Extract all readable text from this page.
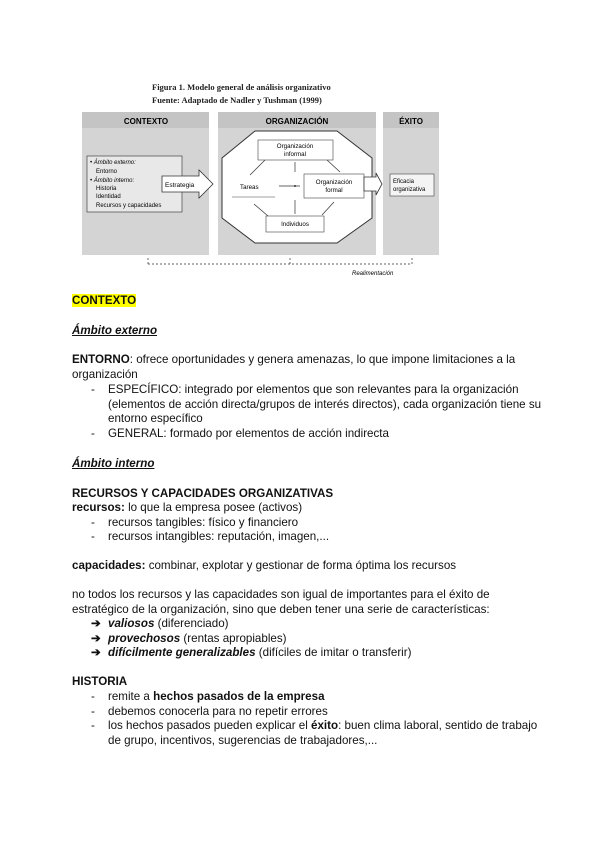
Figura 1. Modelo general de análisis organizativo
Fuente: Adaptado de Nadler y Tushman (1999)
CONTEXTO	ORGANIZACIÓN	ÉXITO
• Ámbito externo:
Entorno
• Ámbito interno:
Historia
Identidad
Recursos y capacidades
Estrategia
Organización
informal
Tareas
Organización
formal
Individuos
Eficacia
organizativa
Realimentación
CONTEXTO
Ámbito externo
ENTORNO: ofrece oportunidades y genera amenazas, lo que impone limitaciones a la
organización
- ESPECÍFICO: integrado por elementos que son relevantes para la organización
(elementos de acción directa/grupos de interés directos), cada organización tiene su
entorno específico
- GENERAL: formado por elementos de acción indirecta
Ámbito interno
RECURSOS Y CAPACIDADES ORGANIZATIVAS
recursos: lo que la empresa posee (activos)
- recursos tangibles: físico y financiero
- recursos intangibles: reputación, imagen,...
capacidades: combinar, explotar y gestionar de forma óptima los recursos
no todos los recursos y las capacidades son igual de importantes para el éxito de
estratégico de la organización, sino que deben tener una serie de características:
➔ valiosos (diferenciado)
➔ provechosos (rentas apropiables)
➔ difícilmente generalizables (difíciles de imitar o transferir)
HISTORIA
- remite a hechos pasados de la empresa
- debemos conocerla para no repetir errores
- los hechos pasados pueden explicar el éxito: buen clima laboral, sentido de trabajo
de grupo, incentivos, sugerencias de trabajadores,...
